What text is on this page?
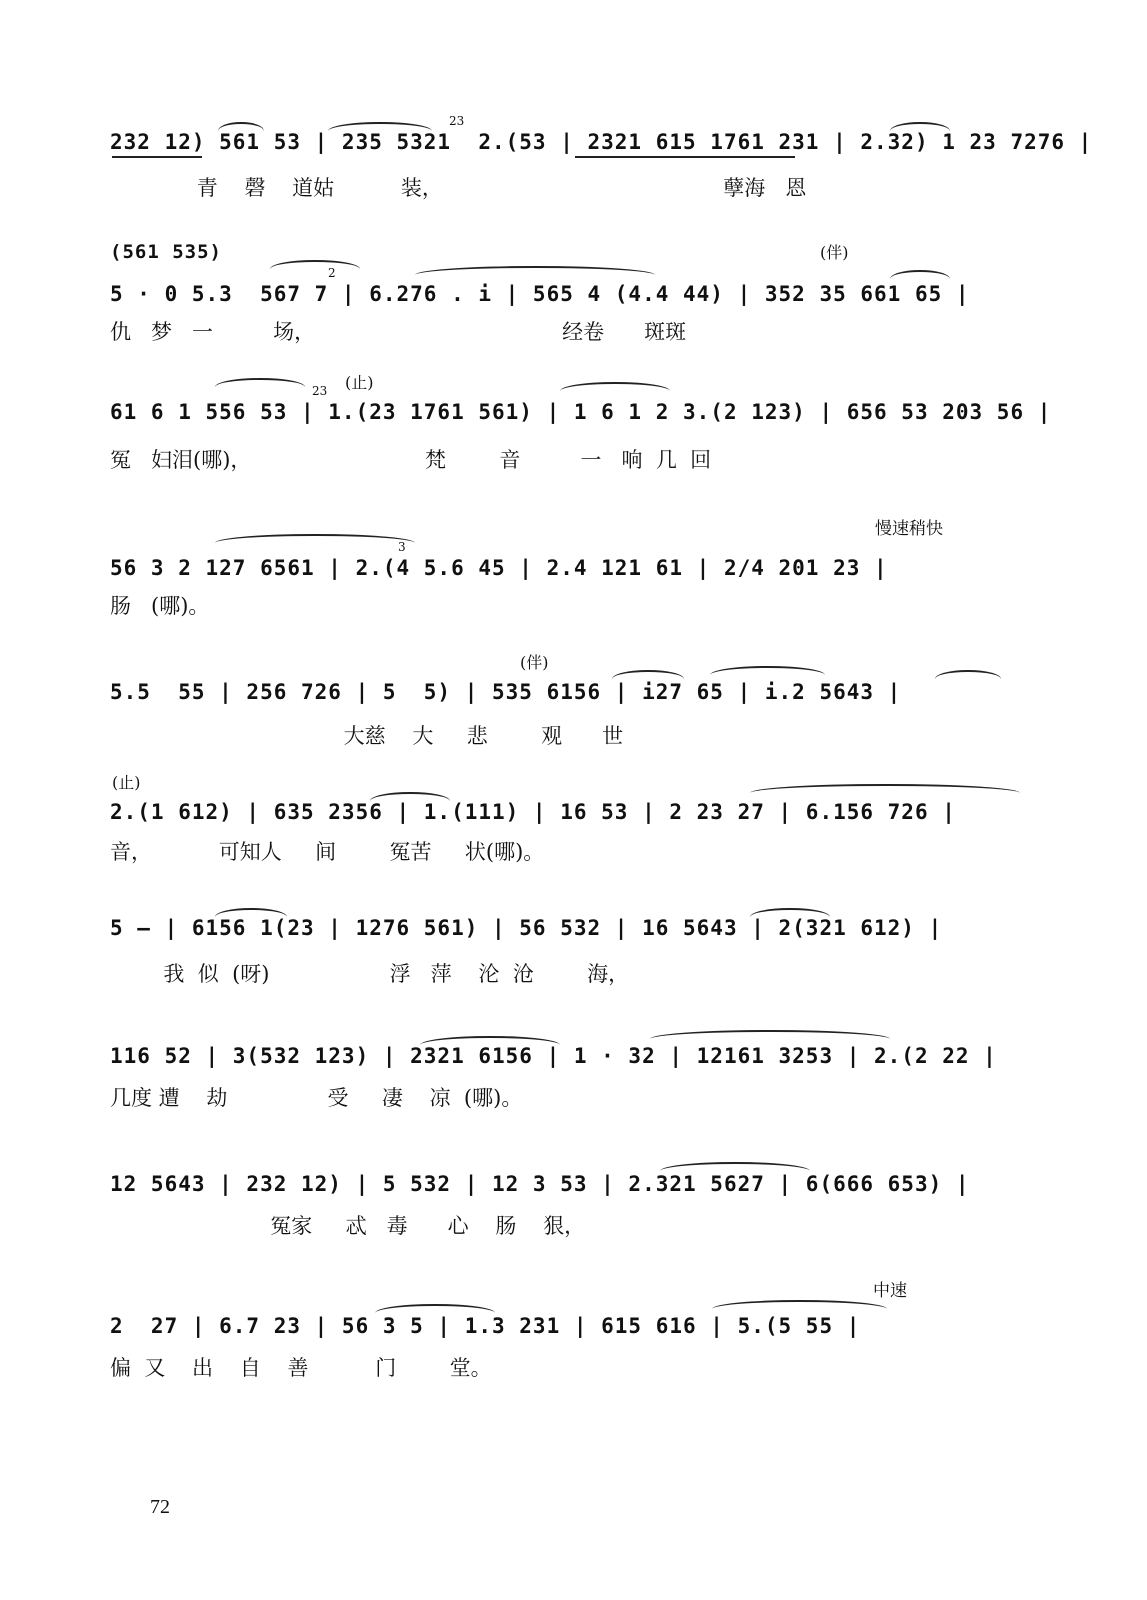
232 12) 561 53 | 235 5321  2.(53 | 2321 615 1761 231 | 2.32) 1 23 7276 |
23
青    磬    道姑          装，                                          孽海   恩
(561 535)	(伴)
5 · 0 5.3  567 7 | 6.276 . i | 565 4 (4.4 44) | 352 35 661 65 |
2
仇   梦   一         场，                                     经卷      斑斑
(止)
61 6 1 556 53 | 1.(23 1761 561) | 1 6 1 2 3.(2 123) | 656 53 203 56 |
23
冤   妇泪(哪)，                          梵        音         一   响  几  回
慢速稍快
56 3 2 127 6561 | 2.(4 5.6 45 | 2.4 121 61 | 2/4 201 23 |
3
肠   (哪)。
(伴)
5.5  55 | 256 726 | 5  5) | 535 6156 | i27 65 | i.2 5643 |
大慈    大     悲        观      世
(止)
2.(1 612) | 635 2356 | 1.(111) | 16 53 | 2 23 27 | 6.156 726 |
音，          可知人     间        冤苦     状(哪)。
5 — | 6156 1(23 | 1276 561) | 56 532 | 16 5643 | 2(321 612) |
我  似  (呀)                  浮   萍    沦  沧        海，
116 52 | 3(532 123) | 2321 6156 | 1 · 32 | 12161 3253 | 2.(2 22 |
几度 遭    劫               受     凄    凉  (哪)。
12 5643 | 232 12) | 5 532 | 12 3 53 | 2.321 5627 | 6(666 653) |
冤家     忒   毒      心    肠    狠，
中速
2  27 | 6.7 23 | 56 3 5 | 1.3 231 | 615 616 | 5.(5 55 |
偏  又    出    自    善          门        堂。
72
